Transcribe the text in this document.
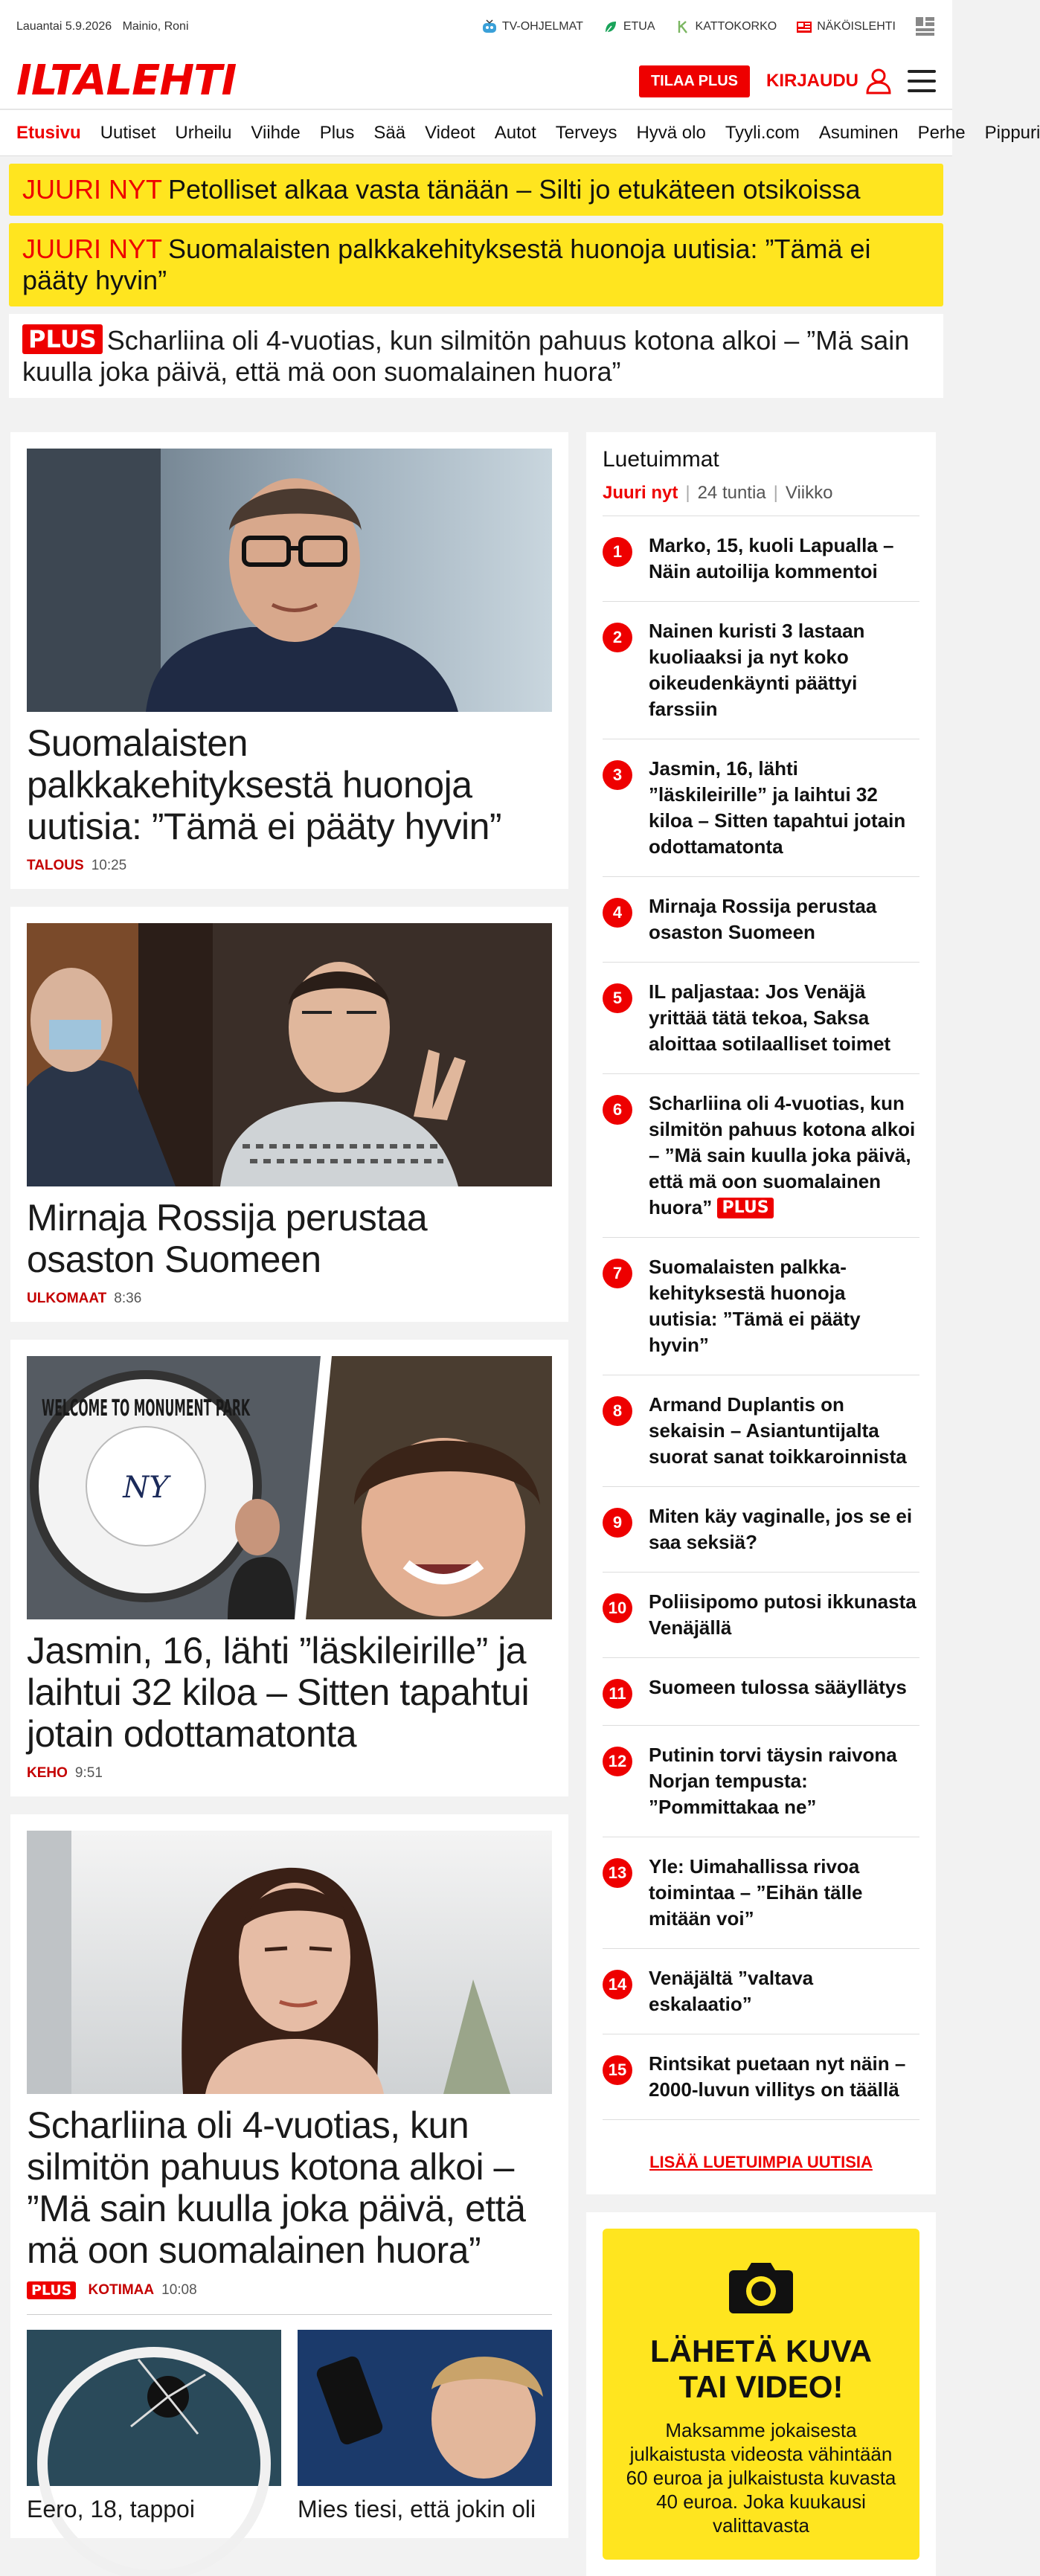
Lauantai 5.9.2026 Mainio, Roni	TV-OHJELMAT	ETUA	KATTOKORKO	NÄKÖISLEHTI
ILTALEHTI	TILAA PLUS	KIRJAUDU
Etusivu Uutiset Urheilu Viihde Plus Sää Videot Autot Terveys Hyvä olo Tyyli.com Asuminen Perhe Pippuri
JUURI NYT Petolliset alkaa vasta tänään – Silti jo etukäteen otsikoissa
JUURI NYT Suomalaisten palkkakehityksestä huonoja uutisia: ”Tämä ei pääty hyvin”
PLUS Scharliina oli 4-vuotias, kun silmitön pahuus kotona alkoi – ”Mä sain kuulla joka päivä, että mä oon suomalainen huora”
Suomalaisten palkkakehityksestä huonoja uutisia: ”Tämä ei pääty hyvin”
TALOUS 10:25
Mirnaja Rossija perustaa osaston Suomeen
ULKOMAAT 8:36
NY
WELCOME TO MONUMENT PARK
Jasmin, 16, lähti ”läskileirille” ja laihtui 32 kiloa – Sitten tapahtui jotain odottamatonta
KEHO 9:51
Scharliina oli 4-vuotias, kun silmitön pahuus kotona alkoi – ”Mä sain kuulla joka päivä, että mä oon suomalainen huora”
PLUS	KOTIMAA 10:08
Eero, 18, tappoi	Mies tiesi, että jokin oli
Luetuimmat
Juuri nyt | 24 tuntia | Viikko
1	Marko, 15, kuoli Lapualla – Näin autoilija kommentoi
2	Nainen kuristi 3 lastaan kuoliaaksi ja nyt koko oikeudenkäynti päättyi farssiin
3	Jasmin, 16, lähti ”läskileirille” ja laihtui 32 kiloa – Sitten tapahtui jotain odottamatonta
4	Mirnaja Rossija perustaa osaston Suomeen
5	IL paljastaa: Jos Venäjä yrittää tätä tekoa, Saksa aloittaa sotilaalliset toimet
6	Scharliina oli 4-vuotias, kun silmitön pahuus kotona alkoi – ”Mä sain kuulla joka päivä, että mä oon suomalainen huora” PLUS
7	Suomalaisten palkkakehityksestä huonoja uutisia: ”Tämä ei pääty hyvin”
8	Armand Duplantis on sekaisin – Asiantuntijalta suorat sanat toikkaroinnista
9	Miten käy vaginalle, jos se ei saa seksiä?
10 Poliisipomo putosi ikkunasta Venäjällä
11	Suomeen tulossa sääyllätys
12 Putinin torvi täysin raivona Norjan tempusta: ”Pommittakaa ne”
13 Yle: Uimahallissa rivoa toimintaa – ”Eihän tälle mitään voi”
14 Venäjältä ”valtava eskalaatio”
15 Rintsikat puetaan nyt näin – 2000-luvun villitys on täällä
LISÄÄ LUETUIMPIA UUTISIA
LÄHETÄ KUVA TAI VIDEO!

Maksamme jokaisesta julkaistusta videosta vähintään 60 euroa ja julkaistusta kuvasta 40 euroa. Joka kuukausi valittavasta
